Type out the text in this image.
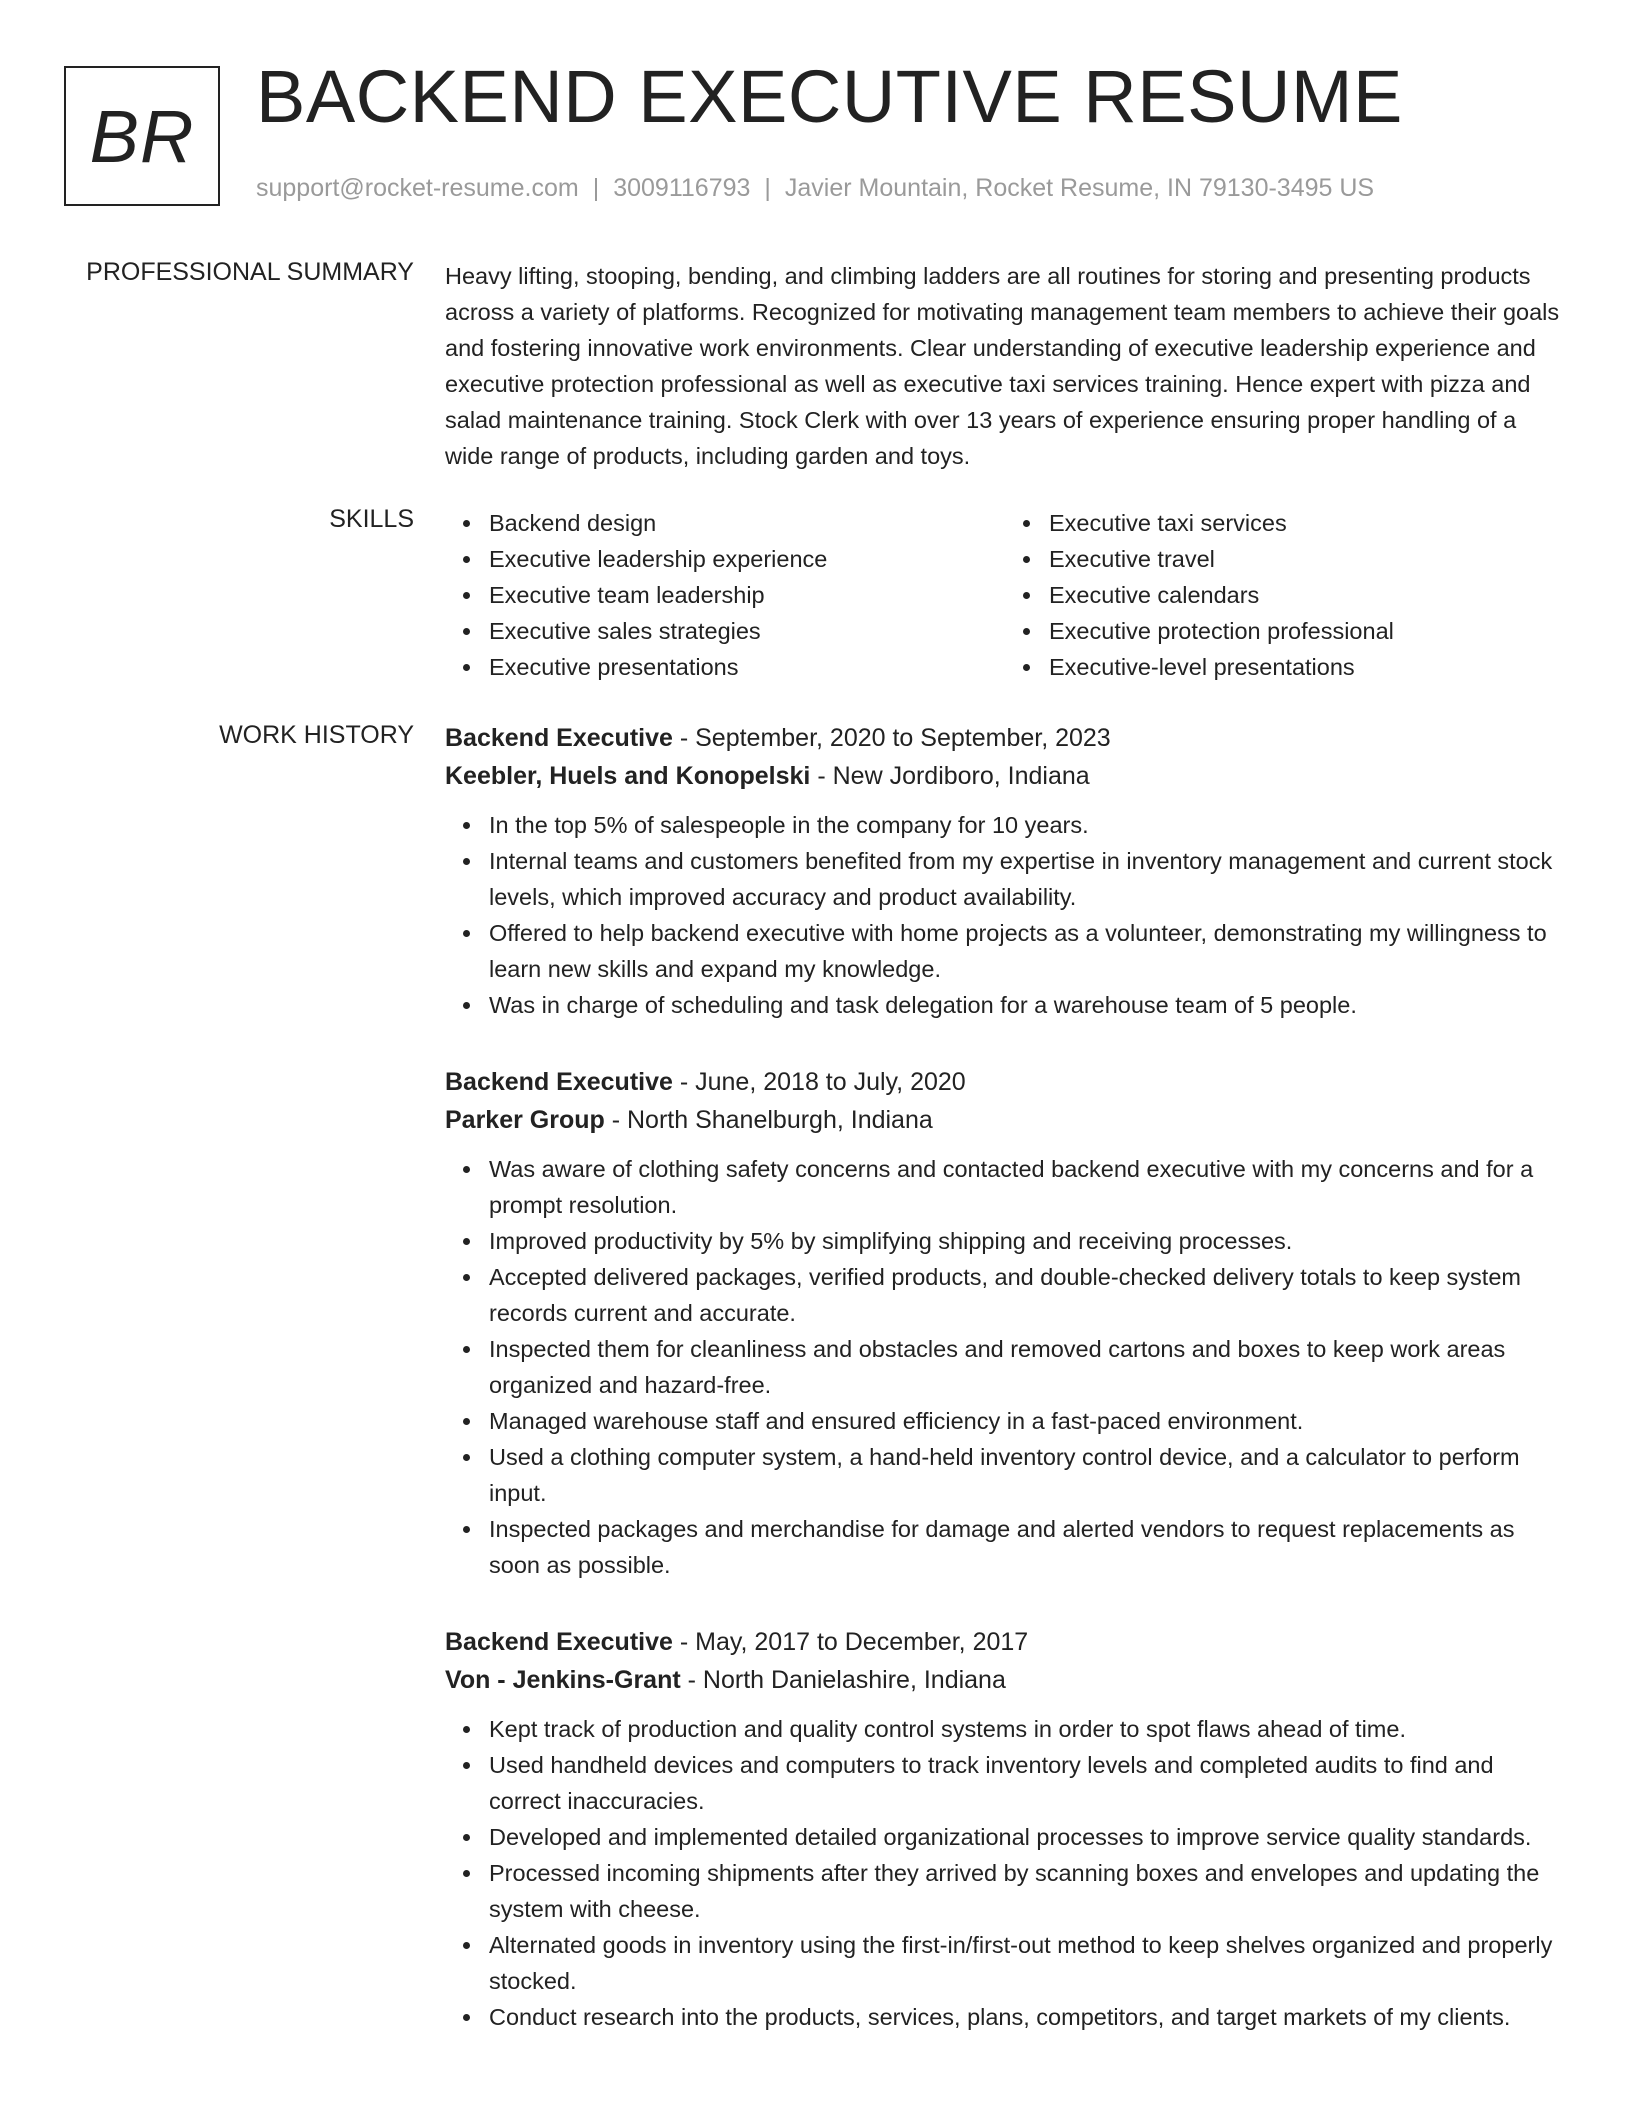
BR BACKEND EXECUTIVE RESUME
support@rocket-resume.com | 3009116793 | Javier Mountain, Rocket Resume, IN 79130-3495 US
PROFESSIONAL SUMMARY Heavy lifting, stooping, bending, and climbing ladders are all routines for storing and presenting products across a variety of platforms. Recognized for motivating management team members to achieve their goals and fostering innovative work environments. Clear understanding of executive leadership experience and executive protection professional as well as executive taxi services training. Hence expert with pizza and salad maintenance training. Stock Clerk with over 13 years of experience ensuring proper handling of a wide range of products, including garden and toys.

SKILLS	Backend design
Executive leadership experience
Executive team leadership
Executive sales strategies
Executive presentations
Executive taxi services
Executive travel
Executive calendars
Executive protection professional
Executive-level presentations
WORK HISTORY Backend Executive - September, 2020 to September, 2023
Keebler, Huels and Konopelski - New Jordiboro, Indiana
In the top 5% of salespeople in the company for 10 years.
Internal teams and customers benefited from my expertise in inventory management and current stock levels, which improved accuracy and product availability.
Offered to help backend executive with home projects as a volunteer, demonstrating my willingness to learn new skills and expand my knowledge.
Was in charge of scheduling and task delegation for a warehouse team of 5 people.
Backend Executive - June, 2018 to July, 2020
Parker Group - North Shanelburgh, Indiana
Was aware of clothing safety concerns and contacted backend executive with my concerns and for a prompt resolution.
Improved productivity by 5% by simplifying shipping and receiving processes.
Accepted delivered packages, verified products, and double-checked delivery totals to keep system records current and accurate.
Inspected them for cleanliness and obstacles and removed cartons and boxes to keep work areas organized and hazard-free.
Managed warehouse staff and ensured efficiency in a fast-paced environment.
Used a clothing computer system, a hand-held inventory control device, and a calculator to perform input.
Inspected packages and merchandise for damage and alerted vendors to request replacements as soon as possible.
Backend Executive - May, 2017 to December, 2017
Von - Jenkins-Grant - North Danielashire, Indiana
Kept track of production and quality control systems in order to spot flaws ahead of time.
Used handheld devices and computers to track inventory levels and completed audits to find and correct inaccuracies.
Developed and implemented detailed organizational processes to improve service quality standards.
Processed incoming shipments after they arrived by scanning boxes and envelopes and updating the system with cheese.
Alternated goods in inventory using the first-in/first-out method to keep shelves organized and properly stocked.
Conduct research into the products, services, plans, competitors, and target markets of my clients.
